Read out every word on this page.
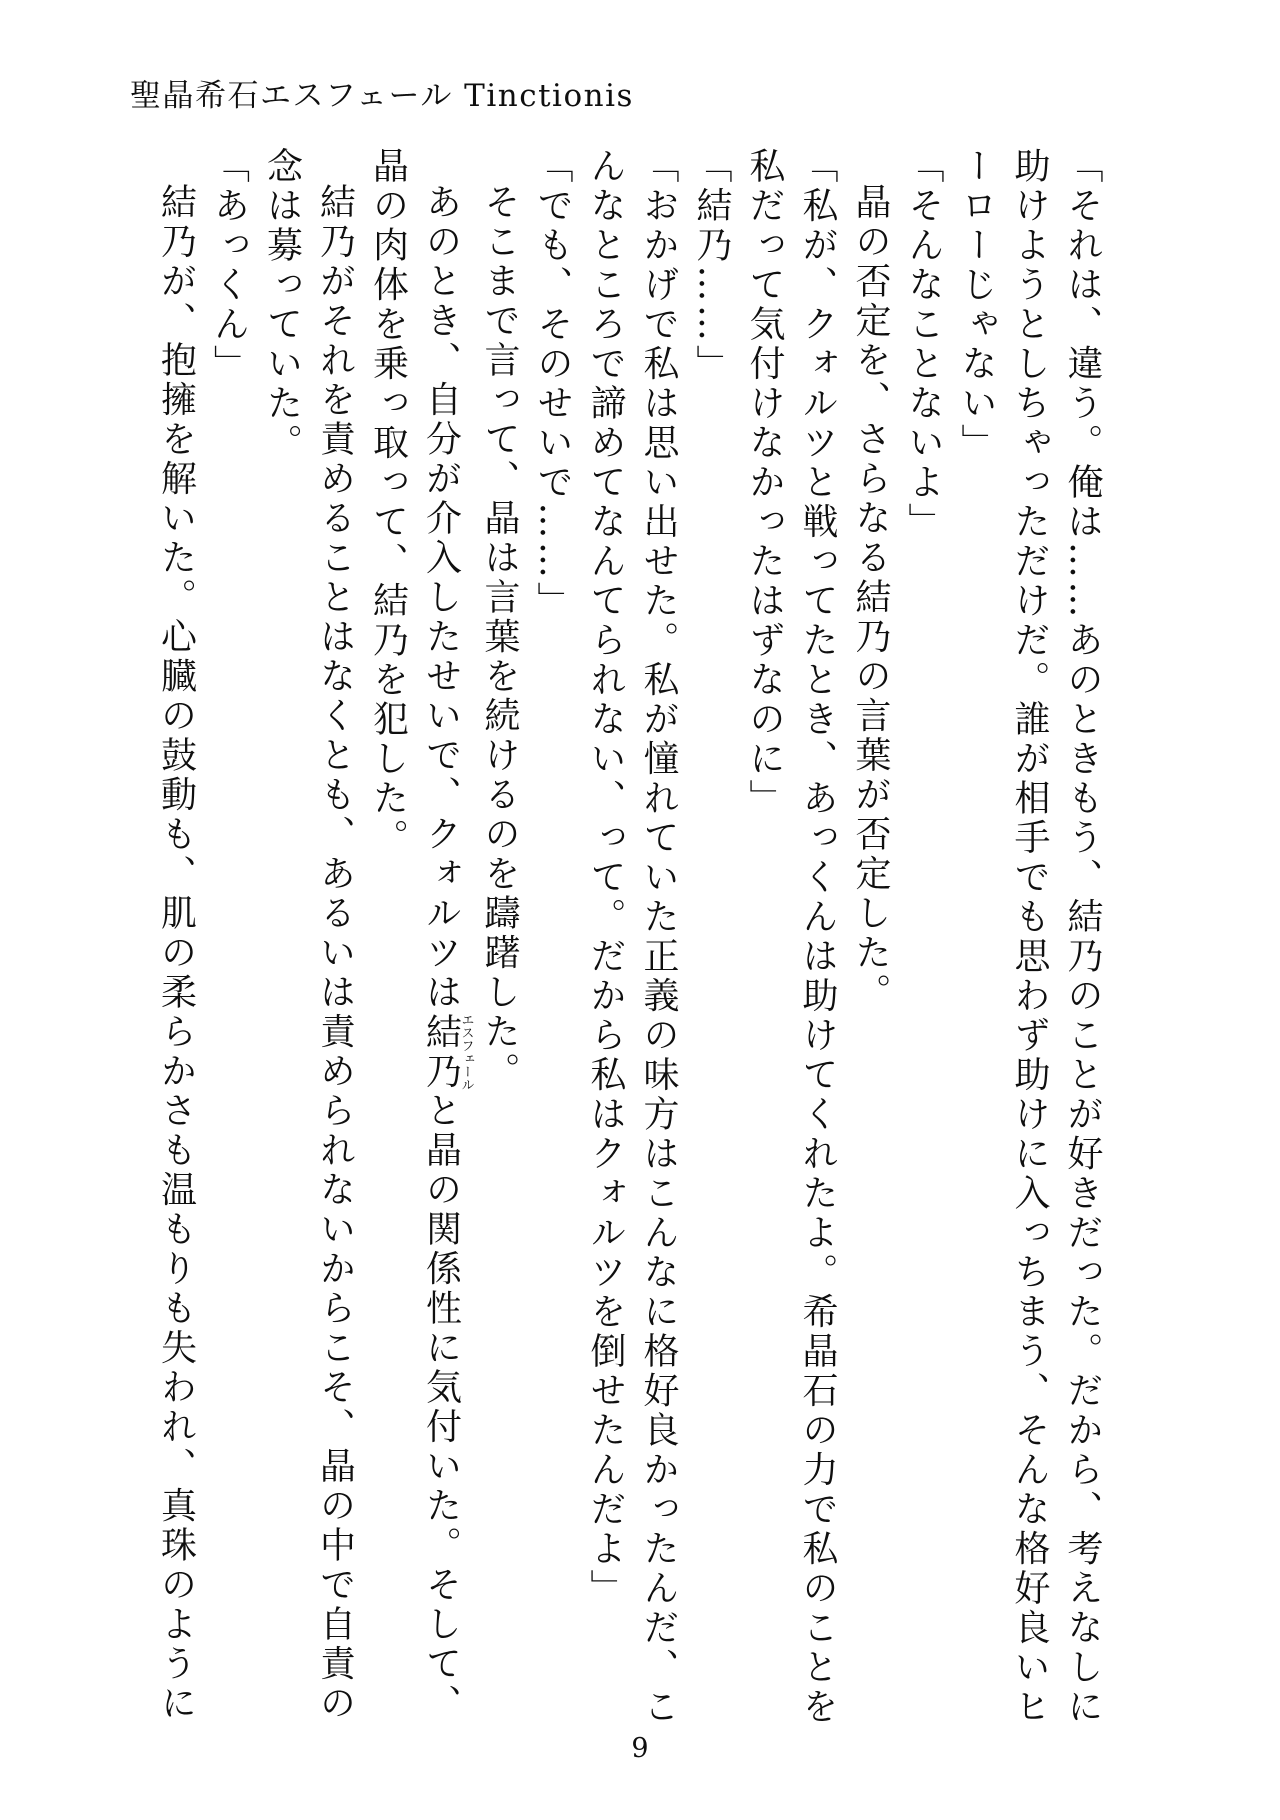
聖晶希石エスフェール Tinctionis

「それは、違う。俺は……あのときもう、結乃のことが好きだった。だから、考えなしに助けようとしちゃっただけだ。誰が相手でも思わず助けに入っちまう、そんな格好良いヒーローじゃない」

「そんなことないよ」

晶の否定を、さらなる結乃の言葉が否定した。

「私が、クォルツと戦ってたとき、あっくんは助けてくれたよ。希晶石の力で私のことを私だって気付けなかったはずなのに」

「結乃……」

「おかげで私は思い出せた。私が憧れていた正義の味方はこんなに格好良かったんだ、こんなところで諦めてなんてられない、って。だから私はクォルツを倒せたんだよ」

「でも、そのせいで……」

そこまで言って、晶は言葉を続けるのを躊躇した。

あのとき、自分が介入したせいで、クォルツは結乃エスフェールと晶の関係性に気付いた。そして、晶の肉体を乗っ取って、結乃を犯した。

結乃がそれを責めることはなくとも、あるいは責められないからこそ、晶の中で自責の念は募っていた。

「あっくん」

結乃が、抱擁を解いた。心臓の鼓動も、肌の柔らかさも温もりも失われ、真珠のように

9
